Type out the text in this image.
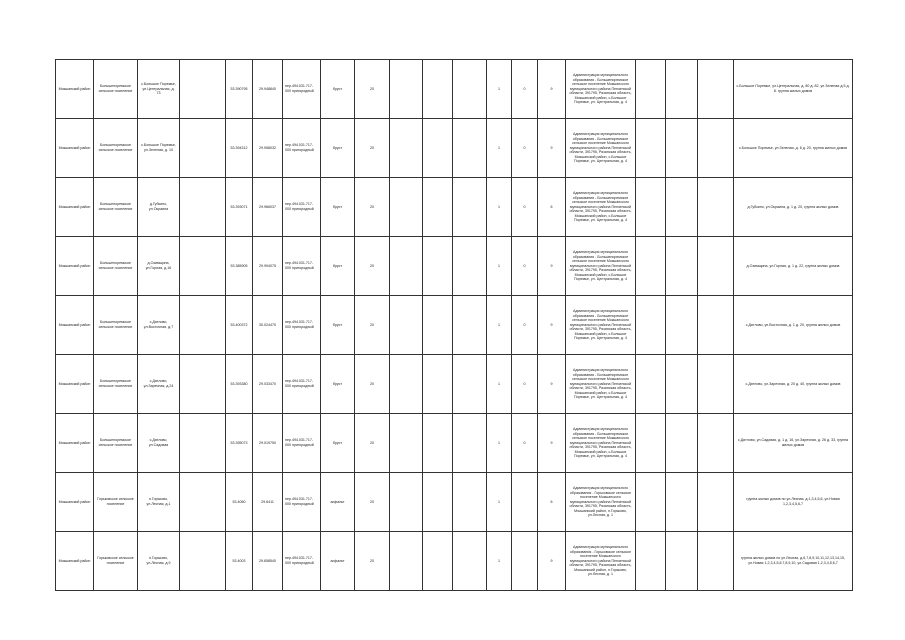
Мокшанский район	Большепоремское сельское поселение	с.Большое Поремье, ул.Центральная, д. 73		53.390795	29.948840	пер.494.031.717-000 пригородный	бруст	20				1	0	9	Администрация муниципального образования - Большепоремское сельское поселение Мокшанского муниципального района Пензенской области, 391795, Рязанская область, Мокшанский район, с.Большое Поремье, ул. Центральная, д. 4				с.Большое Поремье, ул.Центральная, д. 80 д. 82, ул.Зеленая д.5 д. 8. группа жилых домов
Мокшанский район	Большепоремское сельское поселение	с.Большое Поремье, ул.Зеленая, д. 10		53.394312	29.958032	пер.494.031.717-000 пригородный	бруст	20				1	0	9	Администрация муниципального образования - Большепоремское сельское поселение Мокшанского муниципального района Пензенской области, 391795, Рязанская область, Мокшанский район, с.Большое Поремье, ул. Центральная, д. 4				с.Большое Поремье, ул.Зеленая, д. 6 д. 20, группа жилых домов
Мокшанский район	Большепоремское сельское поселение	д.Губкино, ул.Окраина		53.393071	29.966037	пер.494.031.717-000 пригородный	бруст	20				1	0	6	Администрация муниципального образования - Большепоремское сельское поселение Мокшанского муниципального района Пензенской области, 391795, Рязанская область, Мокшанский район, с.Большое Поремье, ул. Центральная, д. 4				д.Губкино, ул.Окраина, д. 1 д. 20, группа жилых домов
Мокшанский район	Большепоремское сельское поселение	д.Озимщина, ул.Горная, д.16		53.385905	29.994075	пер.494.031.717-000 пригородный	бруст	20				1	0	9	Администрация муниципального образования - Большепоремское сельское поселение Мокшанского муниципального района Пензенской области, 391795, Рязанская область, Мокшанский район, с.Большое Поремье, ул. Центральная, д. 4				д.Озимщина, ул.Горная, д. 1 д. 22, группа жилых домов
Мокшанский район	Большепоремское сельское поселение	с.Дятлово, ул.Восточная, д.7		53.400372	30.024470	пер.494.031.717-000 пригородный	бруст	20				1	0	9	Администрация муниципального образования - Большепоремское сельское поселение Мокшанского муниципального района Пензенской области, 391795, Рязанская область, Мокшанский район, с.Большое Поремье, ул. Центральная, д. 4				с.Дятлово, ул.Восточная, д. 1 д. 20, группа жилых домов
Мокшанский район	Большепоремское сельское поселение	с.Дятлово, ул.Заречная, д.24		53.393380	29.033470	пер.494.031.717-000 пригородный	бруст	20				1	0	9	Администрация муниципального образования - Большепоремское сельское поселение Мокшанского муниципального района Пензенской области, 391795, Рязанская область, Мокшанский район, с.Большое Поремье, ул. Центральная, д. 4				с.Дятлово, ул.Заречная, д. 20 д. 40, группа жилых домов
Мокшанский район	Большепоремское сельское поселение	с.Дятлово, ул.Садовая		53.395073	29.019750	пер.494.031.717-000 пригородный	бруст	20				1	0	9	Администрация муниципального образования - Большепоремское сельское поселение Мокшанского муниципального района Пензенской области, 391795, Рязанская область, Мокшанский район, с.Большое Поремье, ул. Центральная, д. 4				с.Дятлово, ул.Садовая, д. 1 д. 16, ул.Заречная, д. 26 д. 33, группа жилых домов
Мокшанский район	Горьковское сельское поселение	п.Горьково, ул.Лесная, д.1		53.4060	29.6411	пер.494.031.717-000 пригородный	асфальт	20				1		6	Администрация муниципального образования - Горьковское сельское поселение Мокшанского муниципального района Пензенской области, 391795, Рязанская область, Мокшанский район, п.Горьково, ул.Лесная, д. 1				группа жилых домов по ул.Лесная, д.1,3,4,5,6, ул.Новая 1,2,3,4,5,6,7
Мокшанский район	Горьковское сельское поселение	п.Горьково, ул.Лесная, д.9		53.4003	29.658540	пер.494.031.717-000 пригородный	асфальт	20				1		9	Администрация муниципального образования - Горьковское сельское поселение Мокшанского муниципального района Пензенской области, 391795, Рязанская область, Мокшанский район, п.Горьково, ул.Лесная, д. 1				группа жилых домов по ул.Лесная, д.6,7,8,9,10,11,12,13,14,15, ул.Новая 1,2,3,4,5,6,7,8,9,10, ул.Садовая 1,2,3,4,5,6,7
